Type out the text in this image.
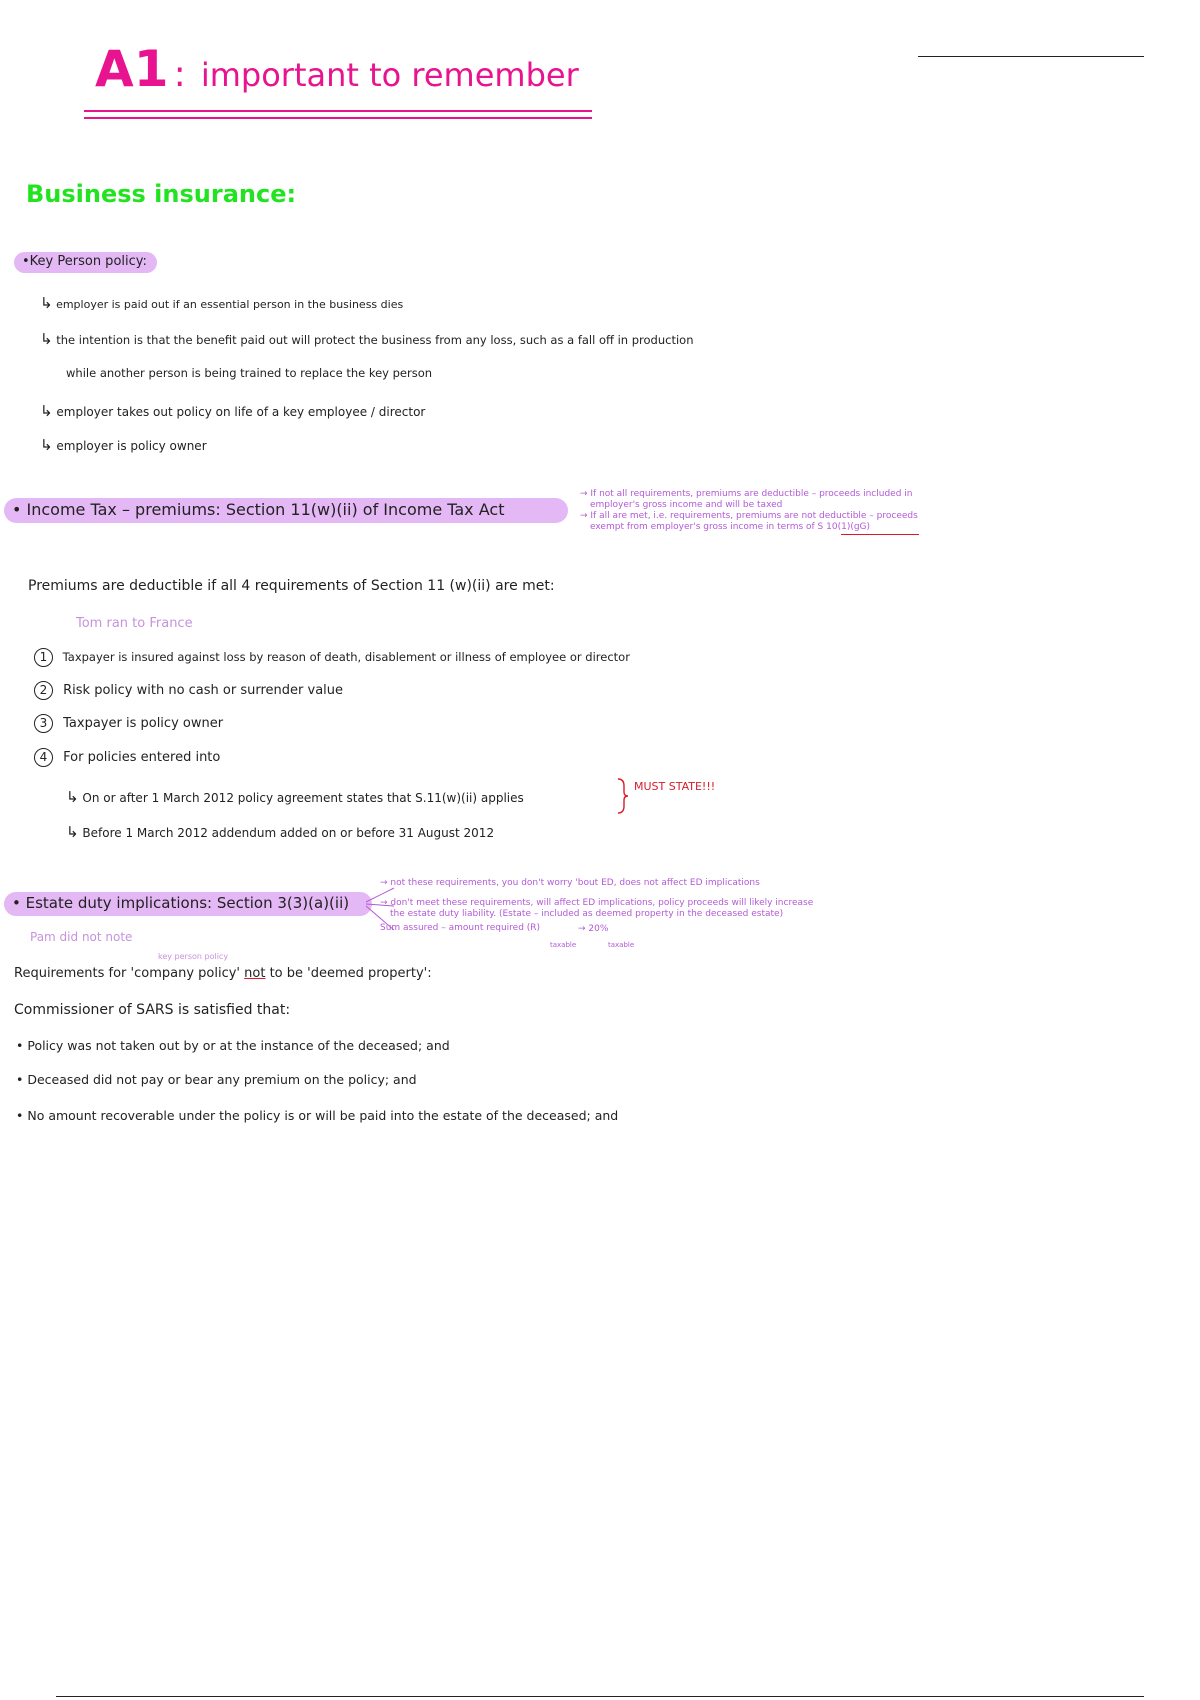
A1 : important to remember
Business insurance:
•Key Person policy:
↳ employer is paid out if an essential person in the business dies
↳ the intention is that the benefit paid out will protect the business from any loss, such as a fall off in production
while another person is being trained to replace the key person
↳ employer takes out policy on life of a key employee / director
↳ employer is policy owner
• Income Tax – premiums: Section 11(w)(ii) of Income Tax Act
→ If not all requirements, premiums are deductible – proceeds included in
employer's gross income and will be taxed
→ If all are met, i.e. requirements, premiums are not deductible – proceeds
exempt from employer's gross income in terms of S 10(1)(gG)
Premiums are deductible if all 4 requirements of Section 11 (w)(ii) are met:
Tom ran to France
1 Taxpayer is insured against loss by reason of death, disablement or illness of employee or director
2 Risk policy with no cash or surrender value
3 Taxpayer is policy owner
4 For policies entered into
↳ On or after 1 March 2012 policy agreement states that S.11(w)(ii) applies
↳ Before 1 March 2012 addendum added on or before 31 August 2012
MUST STATE!!!
• Estate duty implications: Section 3(3)(a)(ii)
→ not these requirements, you don't worry 'bout ED, does not affect ED implications
→ don't meet these requirements, will affect ED implications, policy proceeds will likely increase
the estate duty liability. (Estate – included as deemed property in the deceased estate)
Sum assured – amount required (R)	→ 20%
taxable	taxable
Pam did not note
key person policy
Requirements for 'company policy' not to be 'deemed property':
Commissioner of SARS is satisfied that:
• Policy was not taken out by or at the instance of the deceased; and
• Deceased did not pay or bear any premium on the policy; and
• No amount recoverable under the policy is or will be paid into the estate of the deceased; and
